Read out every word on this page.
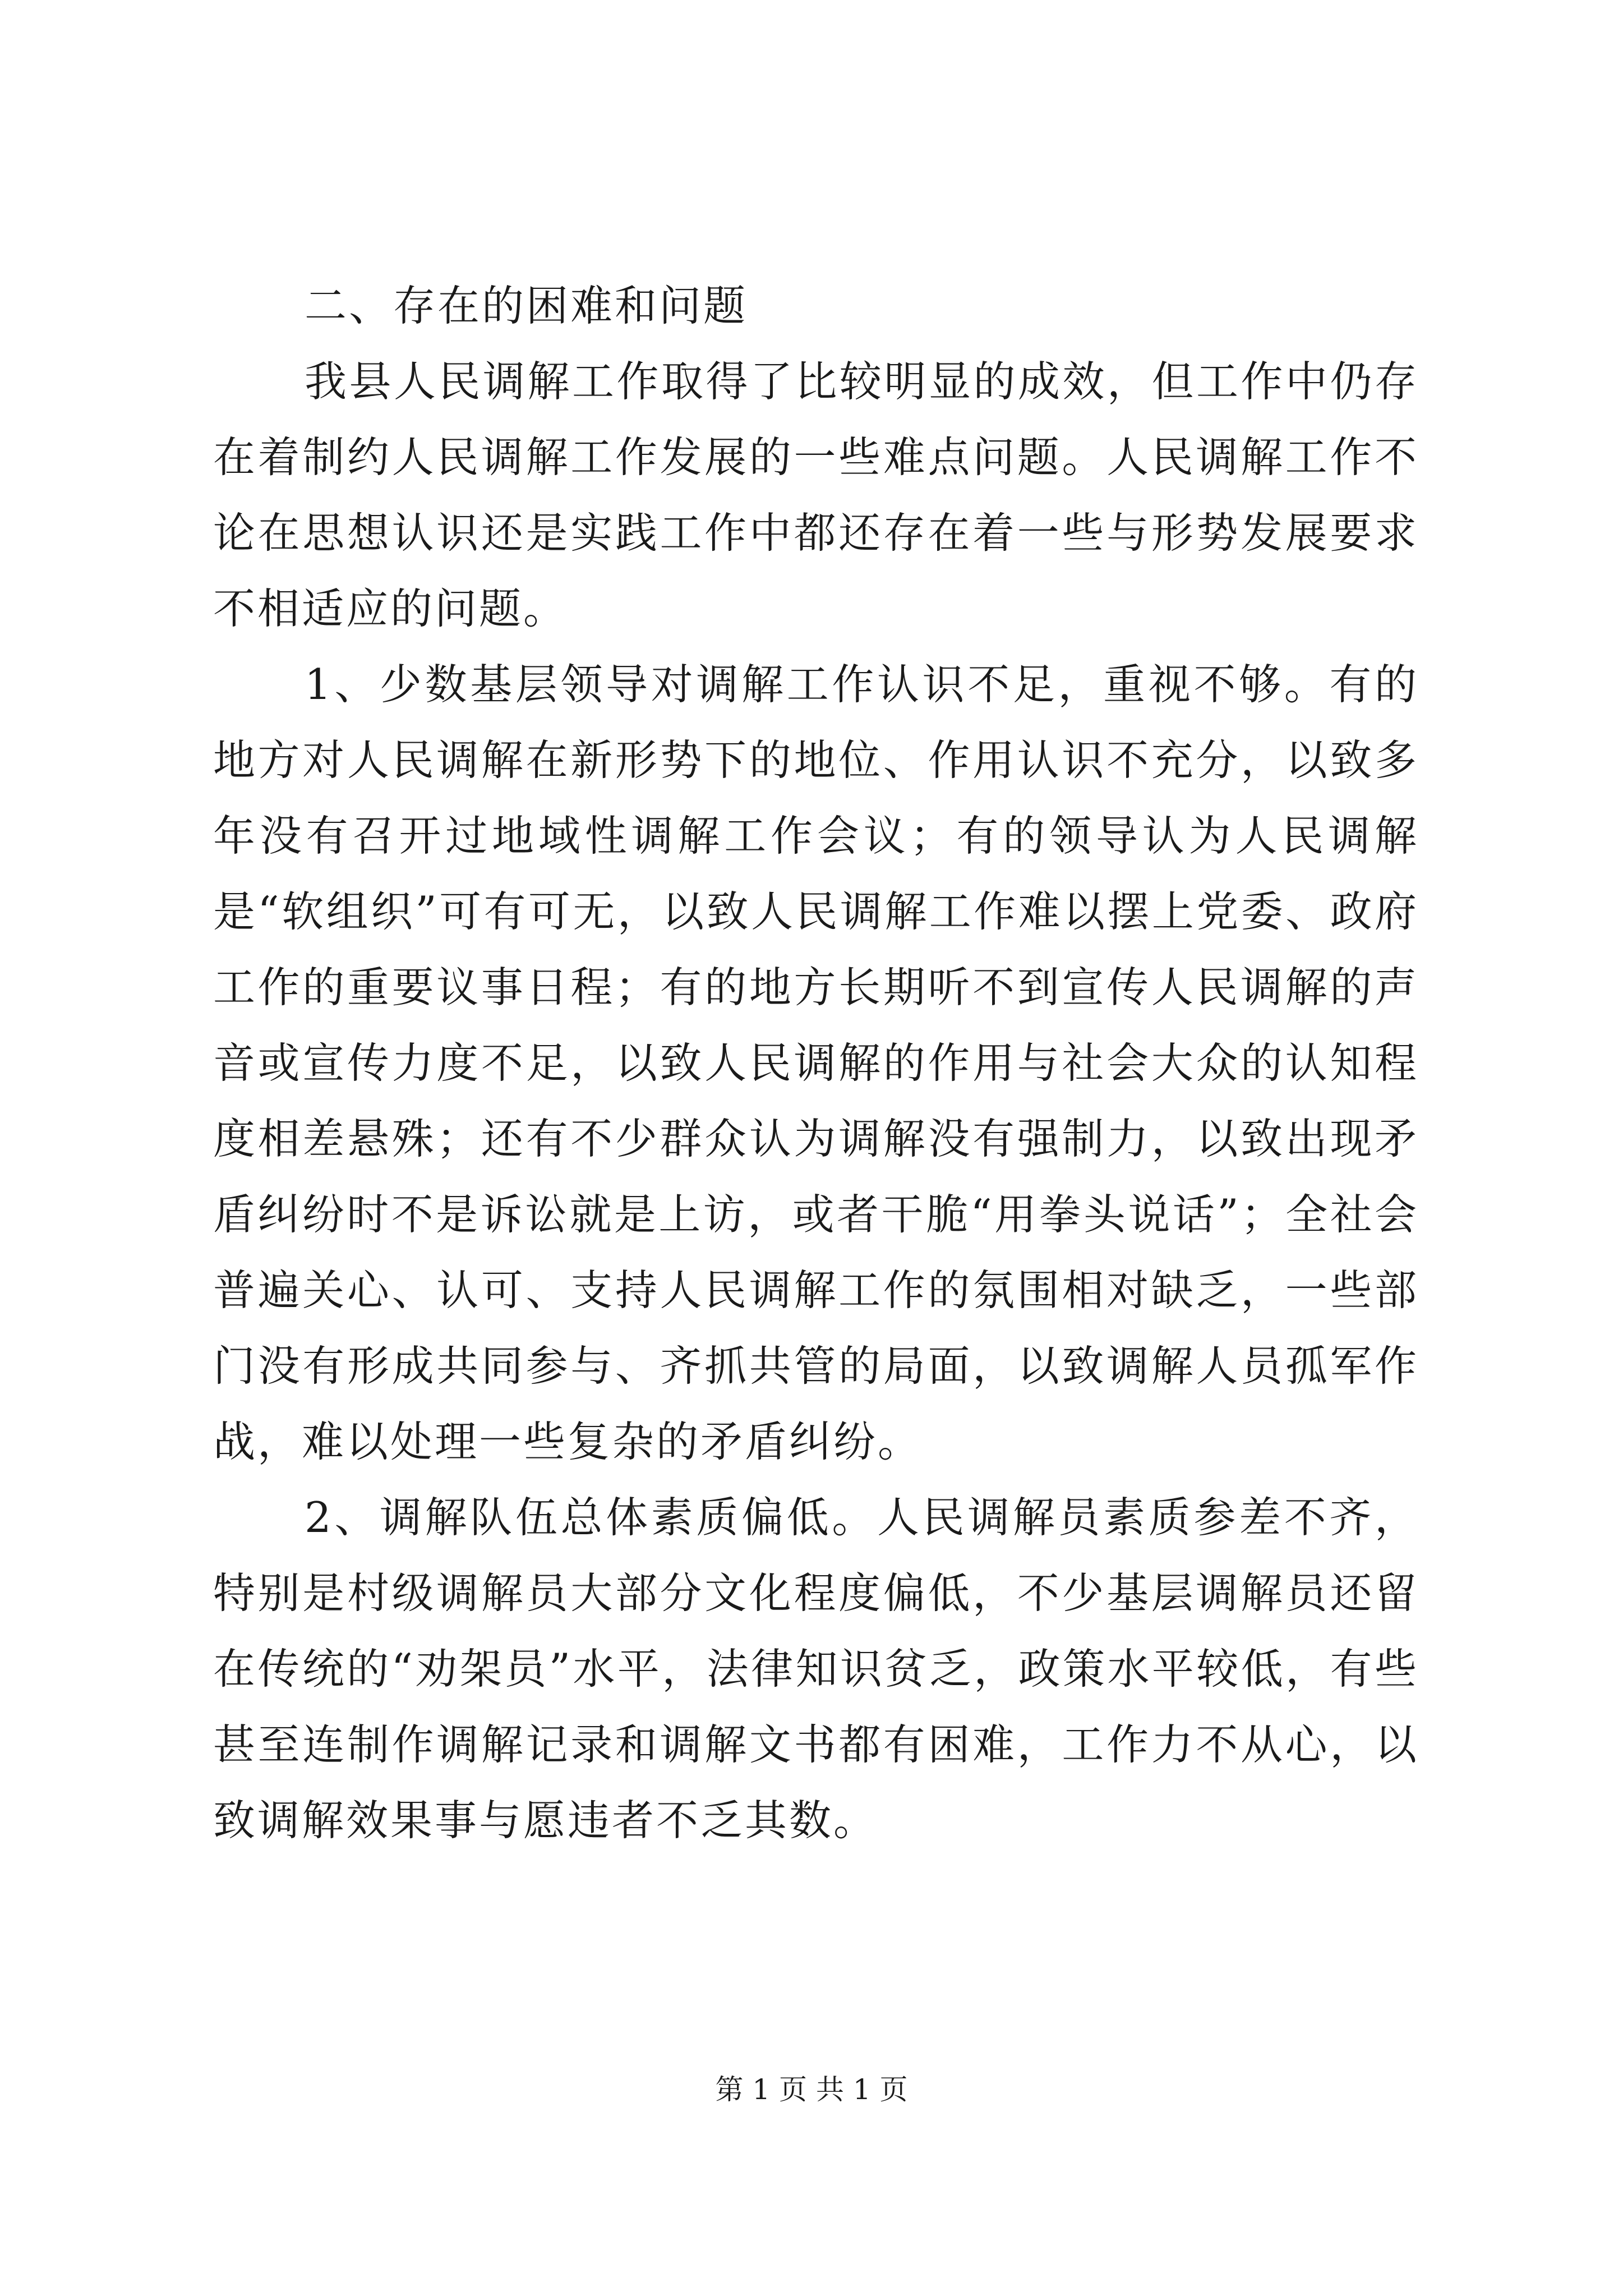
二、存在的困难和问题

我县人民调解工作取得了比较明显的成效，但工作中仍存在着制约人民调解工作发展的一些难点问题。人民调解工作不论在思想认识还是实践工作中都还存在着一些与形势发展要求不相适应的问题。

1、少数基层领导对调解工作认识不足，重视不够。有的地方对人民调解在新形势下的地位、作用认识不充分，以致多年没有召开过地域性调解工作会议；有的领导认为人民调解是“软组织”可有可无，以致人民调解工作难以摆上党委、政府工作的重要议事日程；有的地方长期听不到宣传人民调解的声音或宣传力度不足，以致人民调解的作用与社会大众的认知程度相差悬殊；还有不少群众认为调解没有强制力，以致出现矛盾纠纷时不是诉讼就是上访，或者干脆“用拳头说话”；全社会普遍关心、认可、支持人民调解工作的氛围相对缺乏，一些部门没有形成共同参与、齐抓共管的局面，以致调解人员孤军作战，难以处理一些复杂的矛盾纠纷。

2、调解队伍总体素质偏低。人民调解员素质参差不齐，特别是村级调解员大部分文化程度偏低，不少基层调解员还留在传统的“劝架员”水平，法律知识贫乏，政策水平较低，有些甚至连制作调解记录和调解文书都有困难，工作力不从心，以致调解效果事与愿违者不乏其数。

第 1 页 共 1 页
